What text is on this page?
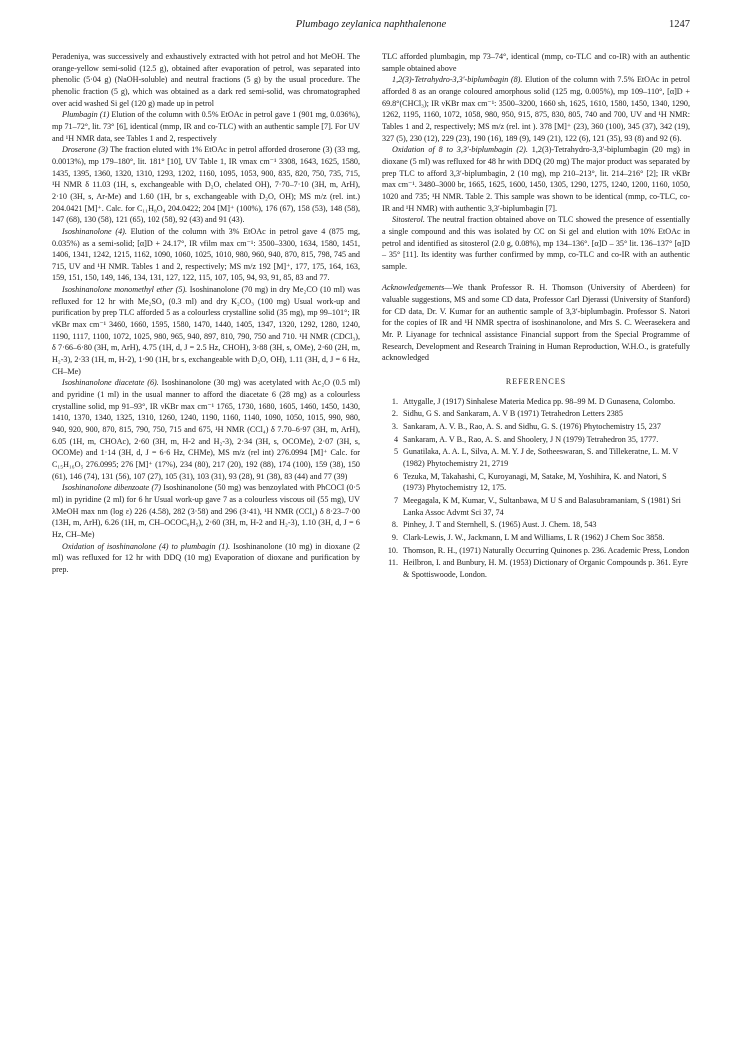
Plumbago zeylanica naphthalenone	1247

Peradeniya, was successively and exhaustively extracted with hot petrol and hot MeOH. The orange-yellow semi-solid (12.5 g), obtained after evaporation of petrol, was separated into phenolic (5·04 g) (NaOH-soluble) and neutral fractions (5 g) by the usual procedure. The phenolic fraction (5 g), which was obtained as a dark red semi-solid, was chromatographed over acid washed Si gel (120 g) made up in petrol

Plumbagin (1) Elution of the column with 0.5% EtOAc in petrol gave 1 (901 mg, 0.036%), mp 71–72°, lit. 73° [6], identical (mmp, IR and co-TLC) with an authentic sample [7]. For UV and ¹H NMR data, see Tables 1 and 2, respectively

Droserone (3) The fraction eluted with 1% EtOAc in petrol afforded droserone (3) (33 mg, 0.0013%), mp 179–180°, lit. 181° [10], UV Table 1, IR νmax cm⁻¹ 3308, 1643, 1625, 1580, 1435, 1395, 1360, 1320, 1310, 1293, 1202, 1160, 1095, 1053, 900, 835, 820, 750, 735, 715, ¹H NMR δ 11.03 (1H, s, exchangeable with D₂O, chelated OH), 7·70–7·10 (3H, m, ArH), 2·10 (3H, s, Ar-Me) and 1.60 (1H, br s, exchangeable with D₂O, OH); MS m/z (rel. int.) 204.0421 [M]⁺. Calc. for C₁₁H₈O₄ 204.0422; 204 [M]⁺ (100%), 176 (67), 158 (53), 148 (58), 147 (68), 130 (58), 121 (65), 102 (58), 92 (43) and 91 (43).

Isoshinanolone (4). Elution of the column with 3% EtOAc in petrol gave 4 (875 mg, 0.035%) as a semi-solid; [α]D + 24.17°, IR νfilm max cm⁻¹: 3500–3300, 1634, 1580, 1451, 1406, 1341, 1242, 1215, 1162, 1090, 1060, 1025, 1010, 980, 960, 940, 870, 815, 798, 745 and 715, UV and ¹H NMR. Tables 1 and 2, respectively; MS m/z 192 [M]⁺, 177, 175, 164, 163, 159, 151, 150, 149, 146, 134, 131, 127, 122, 115, 107, 105, 94, 93, 91, 85, 83 and 77.

Isoshinanolone monomethyl ether (5). Isoshinanolone (70 mg) in dry Me₂CO (10 ml) was refluxed for 12 hr with Me₂SO₄ (0.3 ml) and dry K₂CO₃ (100 mg) Usual work-up and purification by prep TLC afforded 5 as a colourless crystalline solid (35 mg), mp 99–101°; IR νKBr max cm⁻¹ 3460, 1660, 1595, 1580, 1470, 1440, 1405, 1347, 1320, 1292, 1280, 1240, 1190, 1117, 1100, 1072, 1025, 980, 965, 940, 897, 810, 790, 750 and 710. ¹H NMR (CDCl₃), δ 7·66–6·80 (3H, m, ArH), 4.75 (1H, d, J = 2.5 Hz, CHOH), 3·88 (3H, s, OMe), 2·60 (2H, m, H₂-3), 2·33 (1H, m, H-2), 1·90 (1H, br s, exchangeable with D₂O, OH), 1.11 (3H, d, J = 6 Hz, CH–Me)

Isoshinanolone diacetate (6). Isoshinanolone (30 mg) was acetylated with Ac₂O (0.5 ml) and pyridine (1 ml) in the usual manner to afford the diacetate 6 (28 mg) as a colourless crystalline solid, mp 91–93°, IR νKBr max cm⁻¹ 1765, 1730, 1680, 1605, 1460, 1450, 1430, 1410, 1370, 1340, 1325, 1310, 1260, 1240, 1190, 1160, 1140, 1090, 1050, 1015, 990, 980, 940, 920, 900, 870, 815, 790, 750, 715 and 675, ¹H NMR (CCl₄) δ 7.70–6·97 (3H, m, ArH), 6.05 (1H, m, CHOAc), 2·60 (3H, m, H-2 and H₂-3), 2·34 (3H, s, OCOMe), 2·07 (3H, s, OCOMe) and 1·14 (3H, d, J = 6·6 Hz, CHMe), MS m/z (rel int) 276.0994 [M]⁺ Calc. for C₁₅H₁₆O₅ 276.0995; 276 [M]⁺ (17%), 234 (80), 217 (20), 192 (88), 174 (100), 159 (38), 150 (61), 146 (74), 131 (56), 107 (27), 105 (31), 103 (31), 93 (28), 91 (38), 83 (44) and 77 (39)

Isoshinanolone dibenzoate (7) Isoshinanolone (50 mg) was benzoylated with PhCOCl (0·5 ml) in pyridine (2 ml) for 6 hr Usual work-up gave 7 as a colourless viscous oil (55 mg), UV λMeOH max nm (log ε) 226 (4.58), 282 (3·58) and 296 (3·41), ¹H NMR (CCl₄) δ 8·23–7·00 (13H, m, ArH), 6.26 (1H, m, CH–OCOC₆H₅), 2·60 (3H, m, H-2 and H₂-3), 1.10 (3H, d, J = 6 Hz, CH–Me)

Oxidation of isoshinanolone (4) to plumbagin (1). Isoshinanolone (10 mg) in dioxane (2 ml) was refluxed for 12 hr with DDQ (10 mg) Evaporation of dioxane and purification by prep.

TLC afforded plumbagin, mp 73–74°, identical (mmp, co-TLC and co-IR) with an authentic sample obtained above

1,2(3)-Tetrahydro-3,3′-biplumbagin (8). Elution of the column with 7.5% EtOAc in petrol afforded 8 as an orange coloured amorphous solid (125 mg, 0.005%), mp 109–110°, [α]D + 69.8°(CHCl₃); IR νKBr max cm⁻¹: 3500–3200, 1660 sh, 1625, 1610, 1580, 1450, 1340, 1290, 1262, 1195, 1160, 1072, 1058, 980, 950, 915, 875, 830, 805, 740 and 700, UV and ¹H NMR: Tables 1 and 2, respectively; MS m/z (rel. int ). 378 [M]⁺ (23), 360 (100), 345 (37), 342 (19), 327 (5), 230 (12), 229 (23), 190 (16), 189 (9), 149 (21), 122 (6), 121 (35), 93 (8) and 92 (6).

Oxidation of 8 to 3,3′-biplumbagin (2). 1,2(3)-Tetrahydro-3,3′-biplumbagin (20 mg) in dioxane (5 ml) was refluxed for 48 hr with DDQ (20 mg) The major product was separated by prep TLC to afford 3,3′-biplumbagin, 2 (10 mg), mp 210–213°, lit. 214–216° [2]; IR νKBr max cm⁻¹. 3480–3000 br, 1665, 1625, 1600, 1450, 1305, 1290, 1275, 1240, 1200, 1160, 1050, 1020 and 735; ¹H NMR. Table 2. This sample was shown to be identical (mmp, co-TLC, co-IR and ¹H NMR) with authentic 3,3′-biplumbagin [7].

Sitosterol. The neutral fraction obtained above on TLC showed the presence of essentially a single compound and this was isolated by CC on Si gel and elution with 10% EtOAc in petrol and identified as sitosterol (2.0 g, 0.08%), mp 134–136°. [α]D – 35° lit. 136–137° [α]D – 35° [11]. Its identity was further confirmed by mmp, co-TLC and co-IR with an authentic sample.

Acknowledgements—We thank Professor R. H. Thomson (University of Aberdeen) for valuable suggestions, MS and some CD data, Professor Carl Djerassi (University of Stanford) for CD data, Dr. V. Kumar for an authentic sample of 3,3′-biplumbagin. Professor S. Natori for the copies of IR and ¹H NMR spectra of isoshinanolone, and Mrs S. C. Weerasekera and Mr. P. Liyanage for technical assistance Financial support from the Special Programme of Research, Development and Research Training in Human Reproduction, W.H.O., is gratefully acknowledged

REFERENCES
1. Attygalle, J (1917) Sinhalese Materia Medica pp. 98–99 M. D Gunasena, Colombo.
2. Sidhu, G S. and Sankaram, A. V B (1971) Tetrahedron Letters 2385
3. Sankaram, A. V. B., Rao, A. S. and Sidhu, G. S. (1976) Phytochemistry 15, 237
4 Sankaram, A. V B., Rao, A. S. and Shoolery, J N (1979) Tetrahedron 35, 1777.
5 Gunatilaka, A. A. L, Silva, A. M. Y. J de, Sotheeswaran, S. and Tillekeratne, L. M. V (1982) Phytochemistry 21, 2719
6 Tezuka, M, Takahashi, C, Kuroyanagi, M, Satake, M, Yoshihira, K. and Natori, S (1973) Phytochemistry 12, 175.
7 Meegagala, K M, Kumar, V., Sultanbawa, M U S and Balasubramaniam, S (1981) Sri Lanka Assoc Advmt Sci 37, 74
8. Pinhey, J. T and Sternhell, S. (1965) Aust. J. Chem. 18, 543
9. Clark-Lewis, J. W., Jackmann, L M and Williams, L R (1962) J Chem Soc 3858.
10. Thomson, R. H., (1971) Naturally Occurring Quinones p. 236. Academic Press, London
11. Heilbron, I. and Bunbury, H. M. (1953) Dictionary of Organic Compounds p. 361. Eyre & Spottiswoode, London.
